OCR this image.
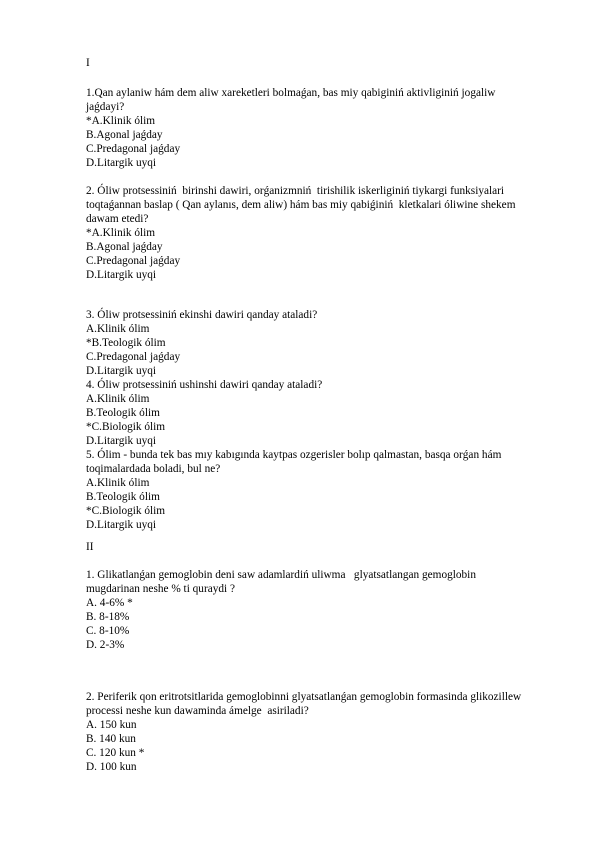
I
1.Qan aylaniw hám dem aliw xareketleri bolmaǵan, bas miy qabiginiń aktivliginiń jogaliw
jaǵdayi?
*A.Klinik ólim
B.Agonal jaǵday
C.Predagonal jaǵday
D.Litargik uyqi
2. Óliw protsessiniń  birinshi dawiri, orǵanizmniń  tirishilik iskerliginiń tiykargi funksiyalari
toqtaǵannan baslap ( Qan aylanıs, dem aliw) hám bas miy qabiǵiniń  kletkalari óliwine shekem
dawam etedi?
*A.Klinik ólim
B.Agonal jaǵday
C.Predagonal jaǵday
D.Litargik uyqi
3. Óliw protsessiniń ekinshi dawiri qanday ataladi?
A.Klinik ólim
*B.Teologik ólim
C.Predagonal jaǵday
D.Litargik uyqi
4. Óliw protsessiniń ushinshi dawiri qanday ataladi?
A.Klinik ólim
B.Teologik ólim
*C.Biologik ólim
D.Litargik uyqi
5. Ólim - bunda tek bas mıy kabıgında kaytpas ozgerisler bolıp qalmastan, basqa orǵan hám
toqimalardada boladi, bul ne?
A.Klinik ólim
B.Teologik ólim
*C.Biologik ólim
D.Litargik uyqi
II
1. Glikatlanǵan gemoglobin deni saw adamlardiń uliwma   glyatsatlangan gemoglobin
mugdarinan neshe % ti quraydi ?
A. 4-6% *
B. 8-18%
C. 8-10%
D. 2-3%
2. Periferik qon eritrotsitlarida gemoglobinni glyatsatlanǵan gemoglobin formasinda glikozillew
processi neshe kun dawaminda ámelge  asiriladi?
A. 150 kun
B. 140 kun
C. 120 kun *
D. 100 kun
